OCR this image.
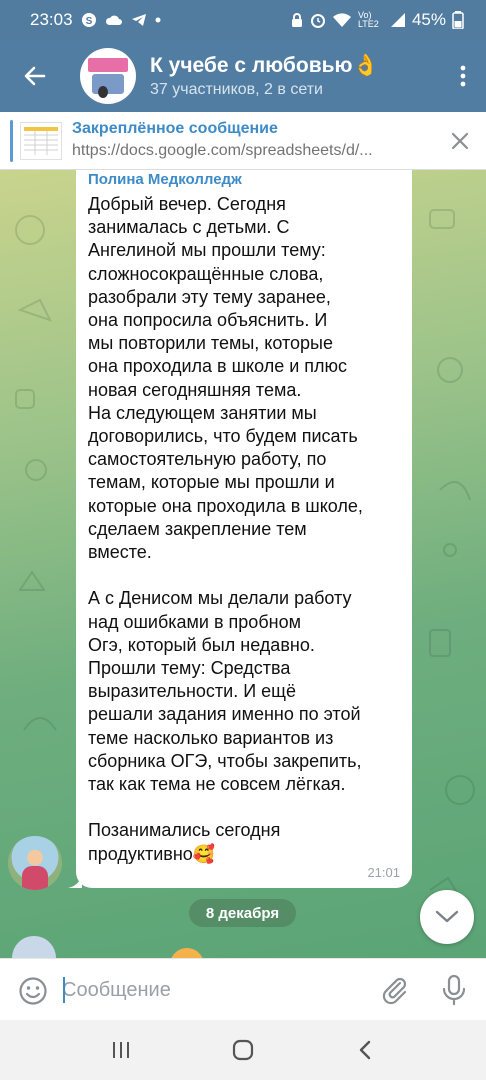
23:03 S
Vo) LTE2	45%
К учебе с любовью👌
37 участников, 2 в сети
Закреплённое сообщение
https://docs.google.com/spreadsheets/d/...
Полина Медколледж
Добрый вечер. Сегодня
занималась с детьми. С
Ангелиной мы прошли тему:
сложносокращённые слова,
разобрали эту тему заранее,
она попросила объяснить. И
мы повторили темы, которые
она проходила в школе и плюс
новая сегодняшняя тема.
На следующем занятии мы
договорились, что будем писать
самостоятельную работу, по
темам, которые мы прошли и
которые она проходила в школе,
сделаем закрепление тем
вместе.

А с Денисом мы делали работу
над ошибками в пробном
Огэ, который был недавно.
Прошли тему: Средства
выразительности. И ещё
решали задания именно по этой
теме насколько вариантов из
сборника ОГЭ, чтобы закрепить,
так как тема не совсем лёгкая.

Позанимались сегодня
продуктивно🥰
21:01
8 декабря
Сообщение
